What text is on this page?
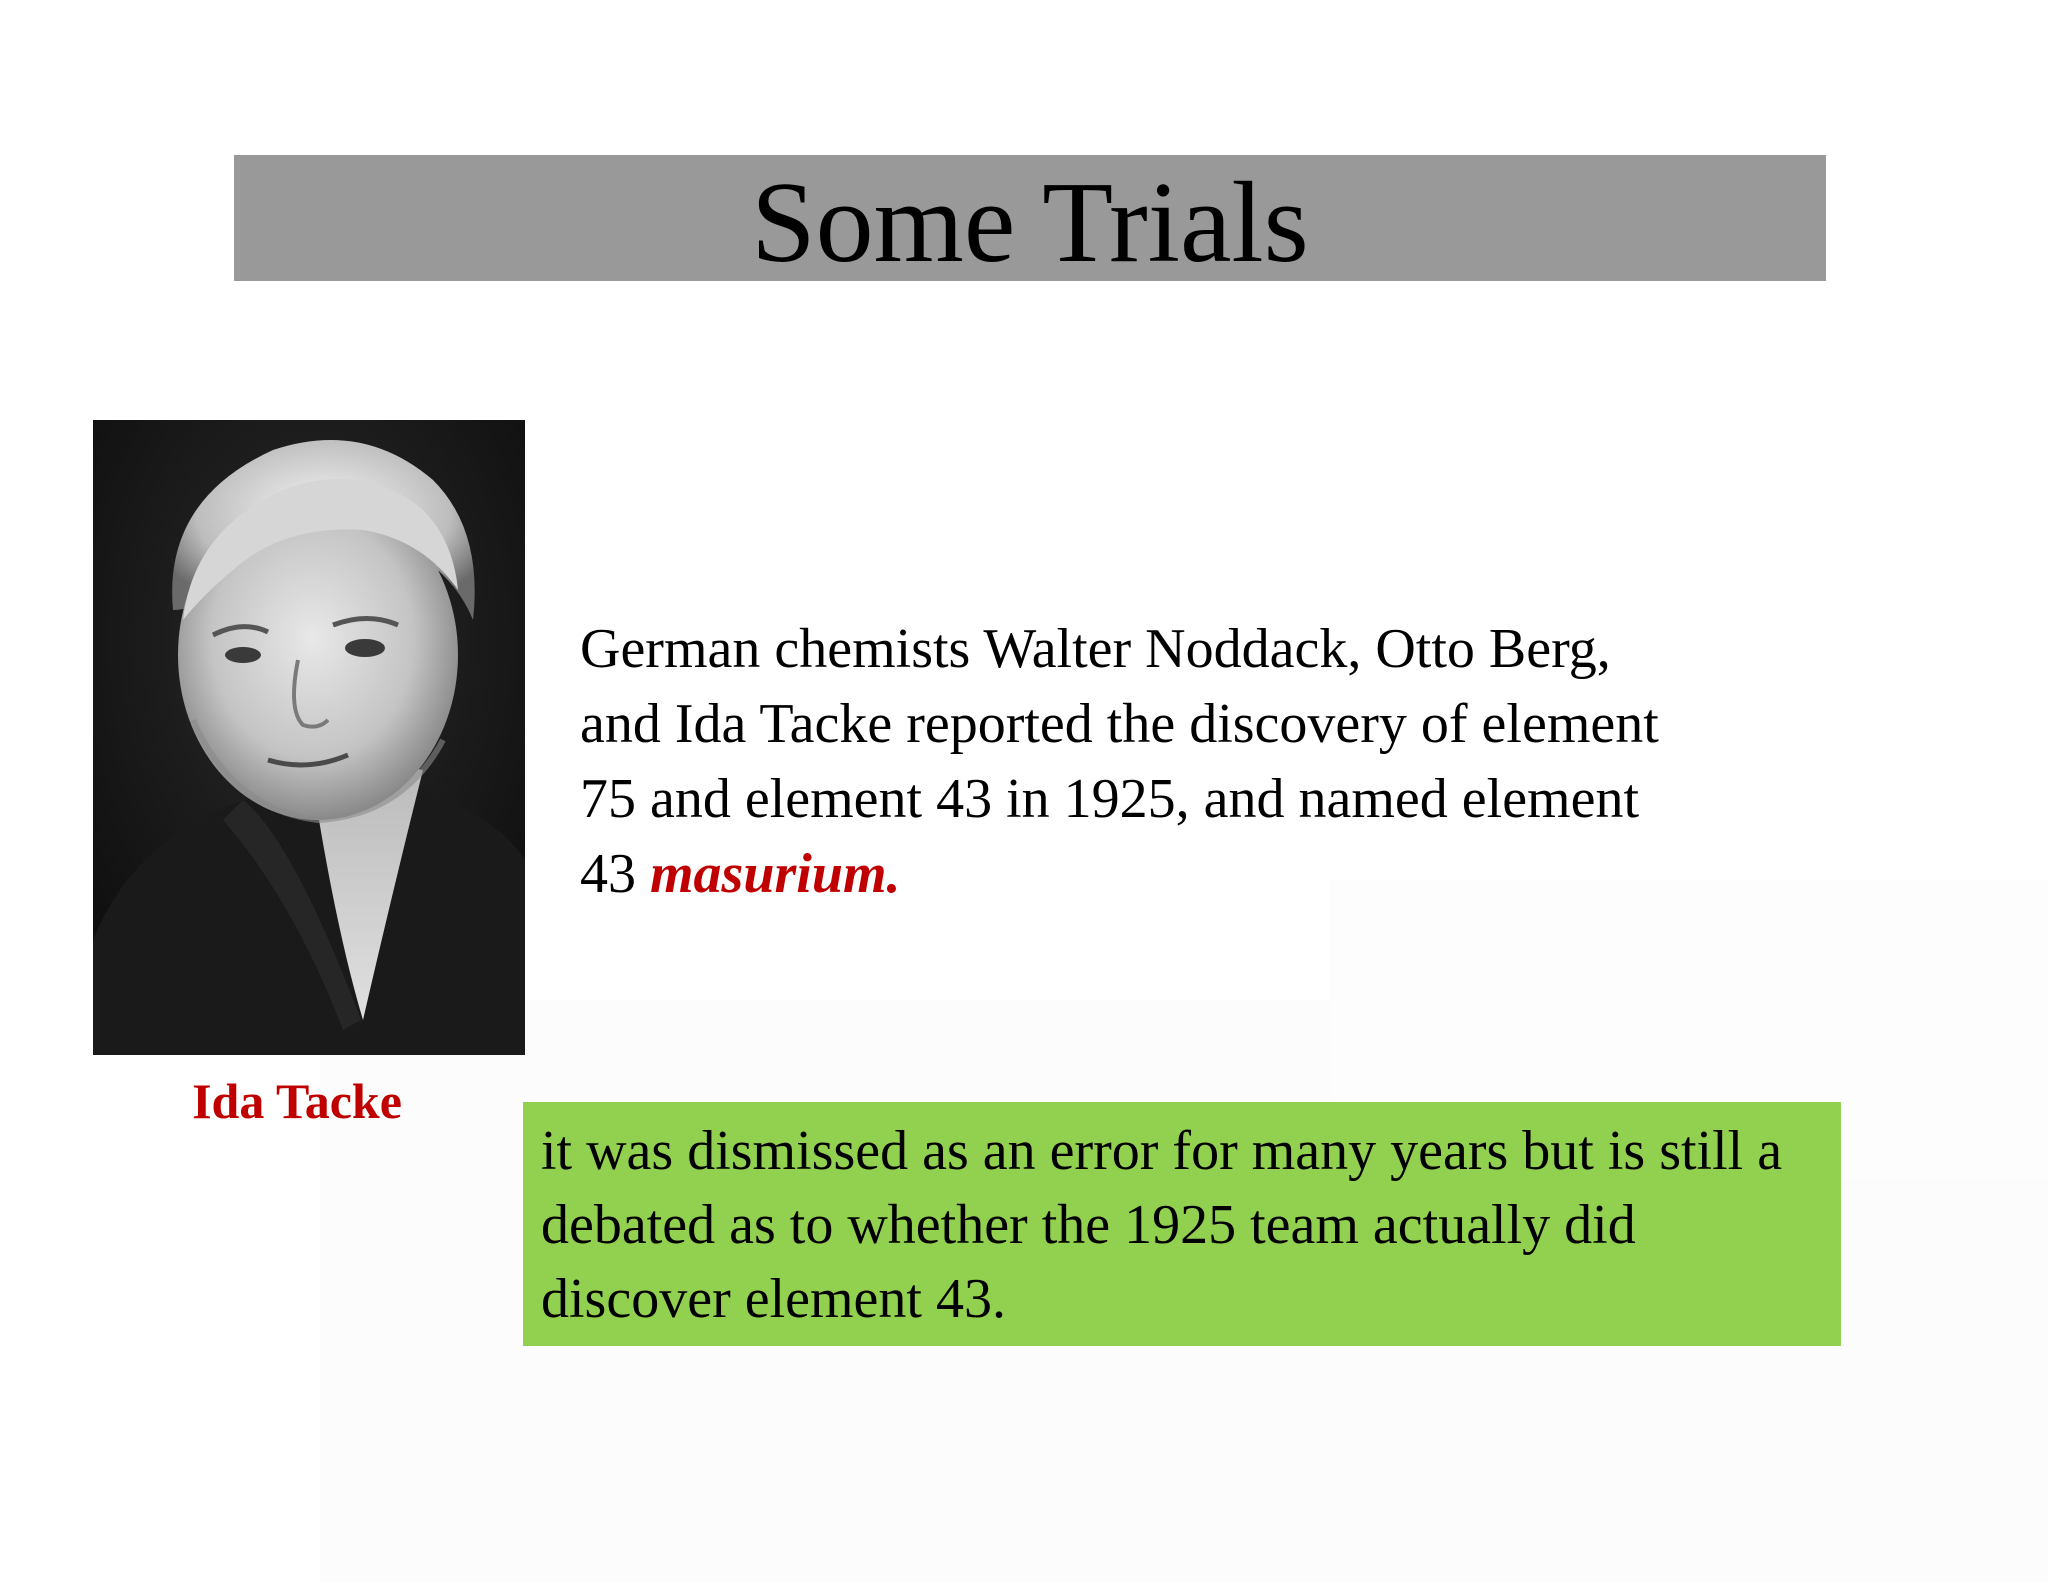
Some Trials
Ida Tacke
German chemists Walter Noddack, Otto Berg, and Ida Tacke reported the discovery of element 75 and element 43 in 1925, and named element 43 masurium.
it was dismissed as an error for many years but is still a debated as to whether the 1925 team actually did discover element 43.
